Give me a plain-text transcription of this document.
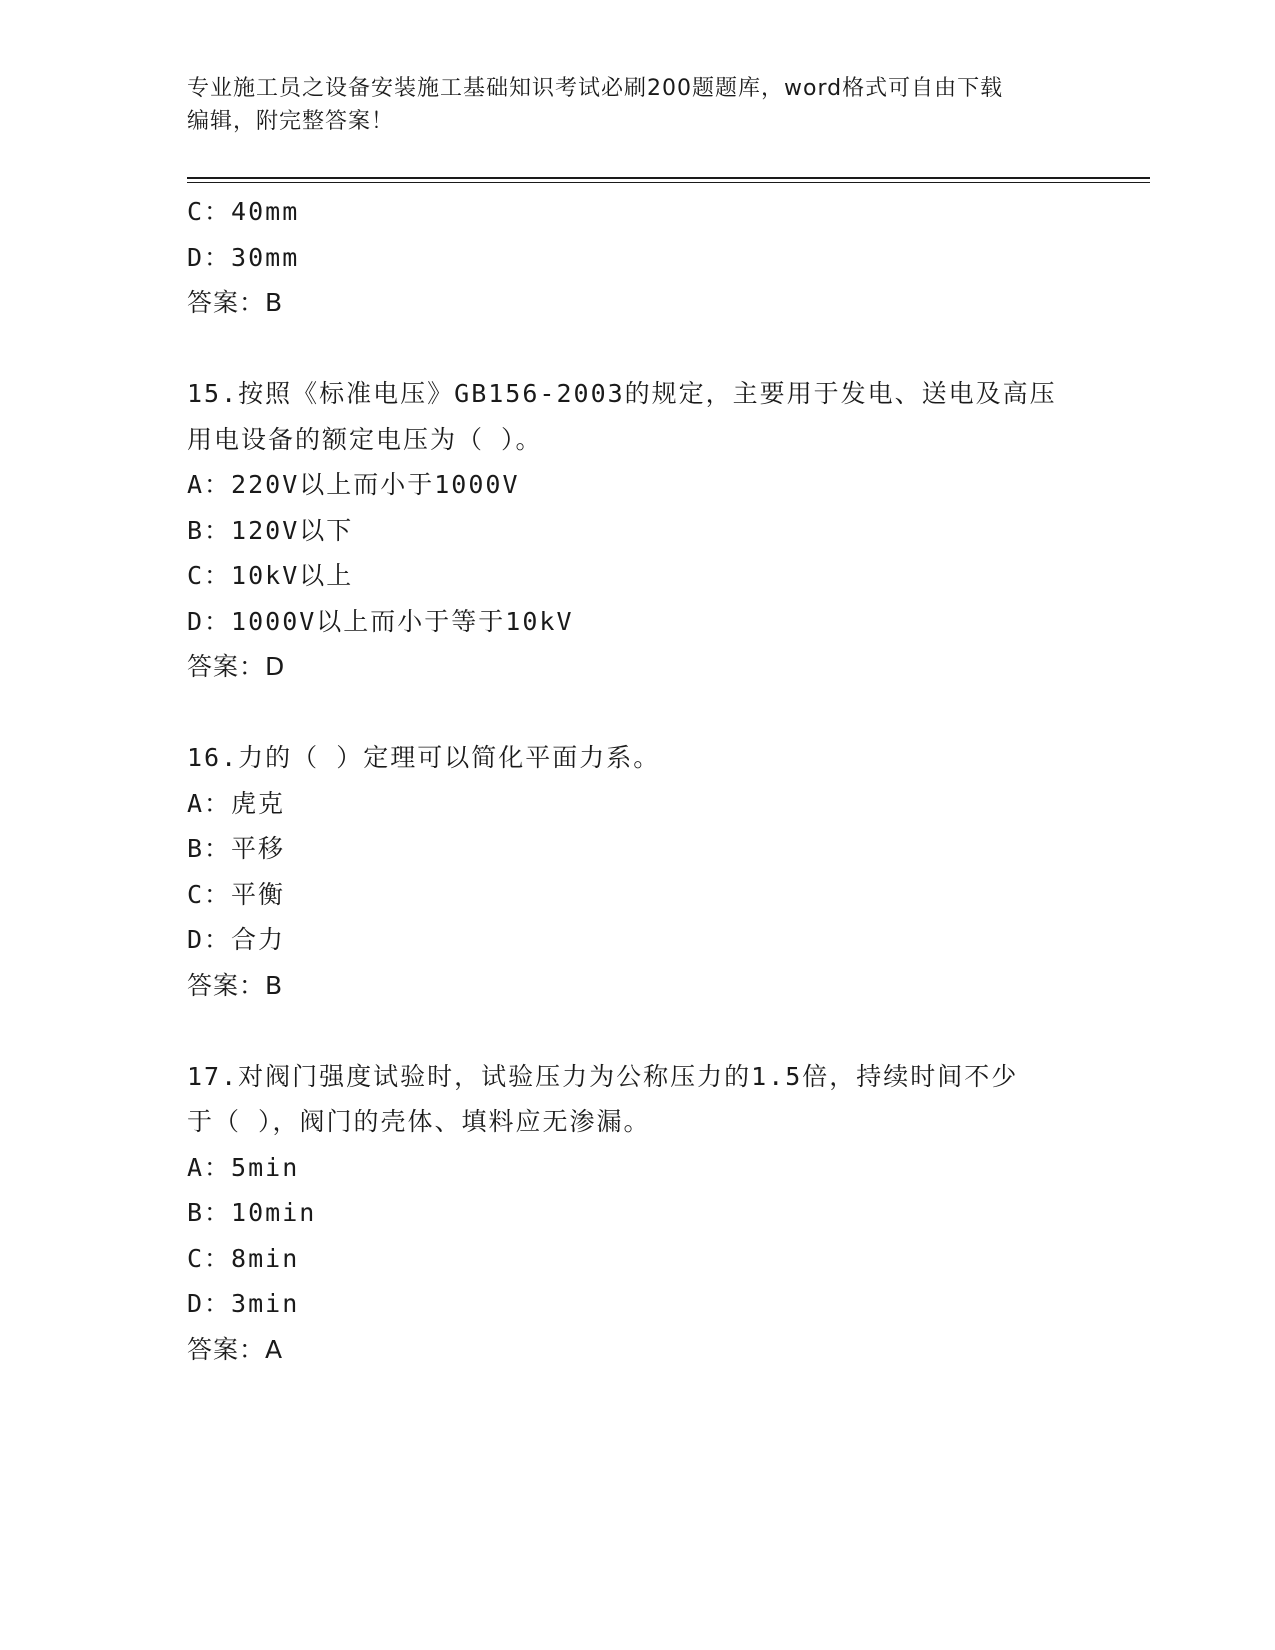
专业施工员之设备安装施工基础知识考试必刷200题题库，word格式可自由下载
编辑，附完整答案！
C：40mm
D：30mm
答案：B
15.按照《标准电压》GB156-2003的规定，主要用于发电、送电及高压
用电设备的额定电压为（ ）。
A：220V以上而小于1000V
B：120V以下
C：10kV以上
D：1000V以上而小于等于10kV
答案：D
16.力的（ ）定理可以简化平面力系。
A：虎克
B：平移
C：平衡
D：合力
答案：B
17.对阀门强度试验时，试验压力为公称压力的1.5倍，持续时间不少
于（ ），阀门的壳体、填料应无渗漏。
A：5min
B：10min
C：8min
D：3min
答案：A
